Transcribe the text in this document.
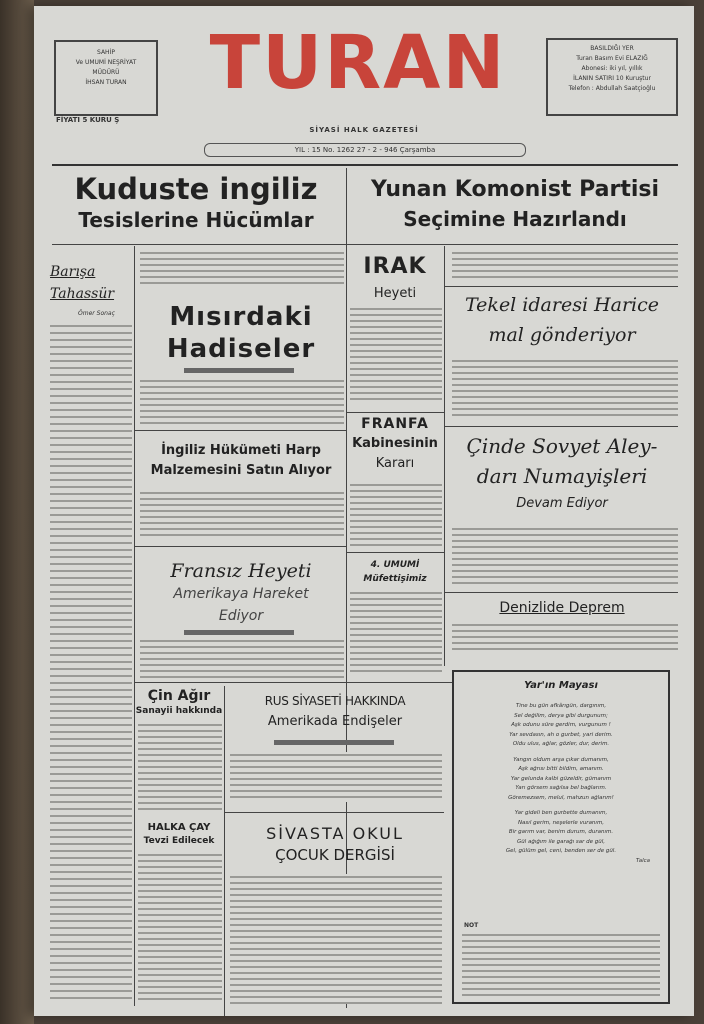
SAHİP
Ve UMUMİ NEŞRİYAT
MÜDÜRÜ
İHSAN TURAN	TURAN	BASILDIĞI YER
Turan Basım Evi ELAZIĞ
Abonesi: iki yıl, yıllık
İLANIN SATIRI 10 Kuruştur
Telefon : Abdullah Saatçioğlu
FİYATI 5 KURU Ş
SİYASİ HALK GAZETESİ
YIL : 15 No. 1262 27 - 2 - 946 Çarşamba
Kuduste ingiliz
Tesislerine Hücümlar
Yunan Komonist Partisi
Seçimine Hazırlandı
Barışa
Tahassür
Ömer Sonaç	Mısırdaki
Hadiseler
İngiliz Hükümeti Harp
Malzemesini Satın Alıyor
Fransız Heyeti
Amerikaya Hareket
Ediyor
Çin Ağır
Sanayii hakkında
RUS SİYASETİ HAKKINDA
Amerikada Endişeler
HALKA ÇAY
Tevzi Edilecek	SİVASTA OKUL
ÇOCUK DERGİSİ
IRAK
Heyeti
FRANFA
Kabinesinin
Kararı
4. UMUMİ
Müfettişimiz
Tekel idaresi Harice
mal gönderiyor
Çinde Sovyet Aley-
darı Numayişleri
Devam Ediyor
Denizlide Deprem
Yar'ın Mayası
Tine bu gün afkârıgün, dargınım,
Sel değilim, derya gibi durgunum;
Aşk odunu süre gerdim, vurgunum !
Yar sevdasın, ah o gurbet, yari derim.
Oldu ulus, ağlar, gözler, dur, derim.
Yangın oldum arşa çıkar dumanım,
Aşk ağrısı bitti bildim, amanım.
Yar gelunda kalbi güzeldir, gümanım
Yarı görsem sağılsa bel bağlarım.
Göremezsem, melul, mahzun ağlarım!
Yar gideli ben gurbette dumanım,
Nasıl gerim, neşelerle vuranım,
Bir garım var, benim durum, duranım.
Gül ağığım ile garağı sar de gül,
Gel, gülüm gel, ceni, benden ser de gül.
Talca
NOT
